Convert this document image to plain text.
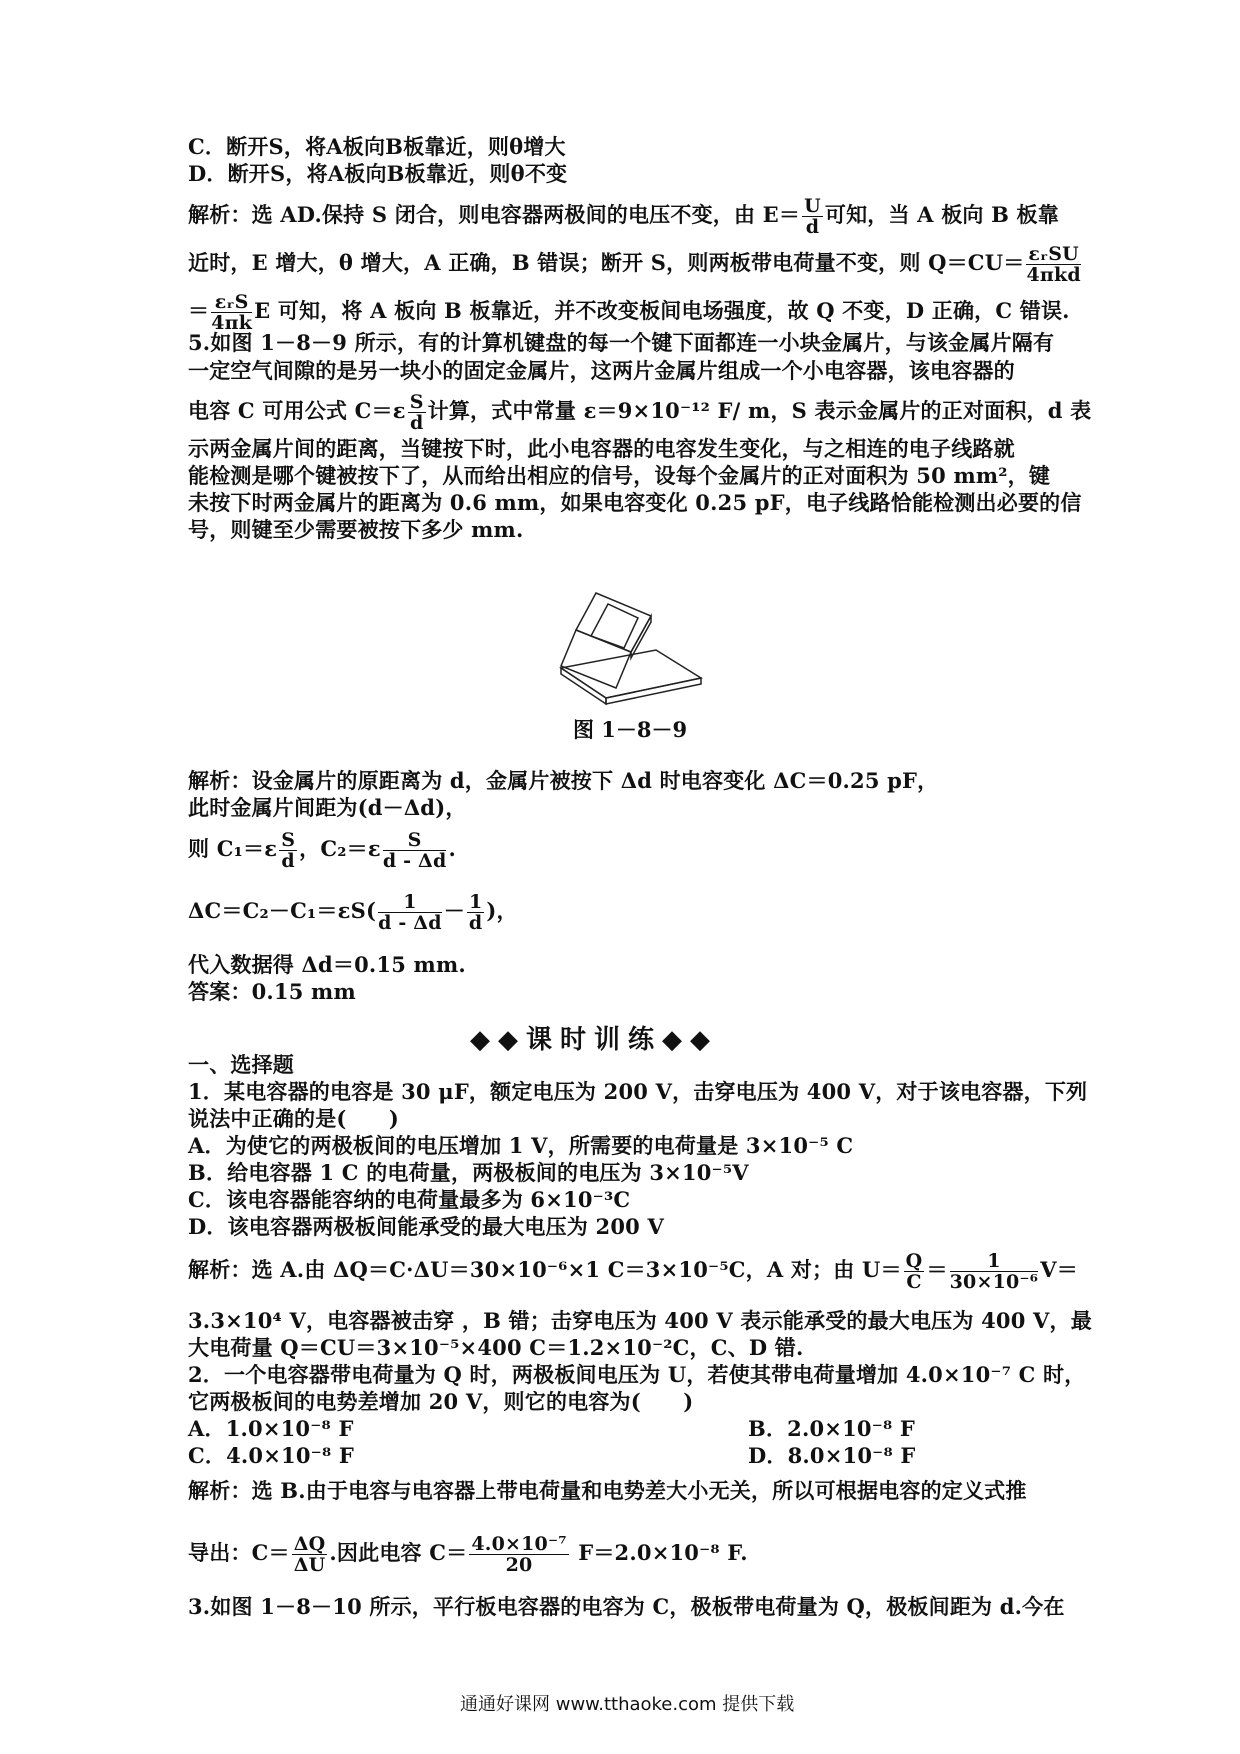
C．断开S，将A板向B板靠近，则θ增大
D．断开S，将A板向B板靠近，则θ不变
解析：选 AD.保持 S 闭合，则电容器两极间的电压不变，由 $E= \frac{U}{d}$ 可知，当 A 板向 B 板靠
近时，E 增大，θ 增大，A 正确，B 错误；断开 S，则两板带电荷量不变，则 $Q=CU= \frac{\text{εᵣSU}}{\text{4πkd}}$
＝ $\frac{\text{εᵣS}}{4\pi k}$ E 可知，将 A 板向 B 板靠近，并不改变板间电场强度，故 Q 不变，D 正确，C 错误.
5.如图 1－8－9 所示，有的计算机键盘的每一个键下面都连一小块金属片，与该金属片隔有
一定空气间隙的是另一块小的固定金属片，这两片金属片组成一个小电容器，该电容器的
电容 C 可用公式 $C=\varepsilon \frac{S}{d}$ 计算，式中常量 ε＝9×10⁻¹² F/ m，S 表示金属片的正对面积，d 表
示两金属片间的距离，当键按下时，此小电容器的电容发生变化，与之相连的电子线路就
能检测是哪个键被按下了，从而给出相应的信号，设每个金属片的正对面积为 50 mm²，键
未按下时两金属片的距离为 0.6 mm，如果电容变化 0.25 pF，电子线路恰能检测出必要的信
号，则键至少需要被按下多少 mm.
图 1－8－9
解析：设金属片的原距离为 d，金属片被按下 Δd 时电容变化 ΔC＝0.25 pF，
此时金属片间距为(d－Δd)，
则 $C_1=\varepsilon \frac{S}{d}$ ，$C_2=\varepsilon \frac{S}{d - \Delta d}$ .
$\Delta C=C_2-C_1=\varepsilon S( \frac{1}{d - \Delta d} - \frac{1}{d}$ )，
代入数据得 Δd＝0.15 mm.
答案：0.15 mm
◆◆课时训练◆◆
一、选择题
1．某电容器的电容是 30 μF，额定电压为 200 V，击穿电压为 400 V，对于该电容器，下列
说法中正确的是(　　)
A．为使它的两极板间的电压增加 1 V，所需要的电荷量是 3×10⁻⁵ C
B．给电容器 1 C 的电荷量，两极板间的电压为 3×10⁻⁵V
C．该电容器能容纳的电荷量最多为 6×10⁻³C
D．该电容器两极板间能承受的最大电压为 200 V
解析：选 A.由 ΔQ＝C·ΔU＝30×10⁻⁶×1 C＝3×10⁻⁵C，A 对；由 $U= \frac{Q}{C} = \frac{1}{\text{30×10⁻⁶}} V=$
3.3×10⁴ V，电容器被击穿 ，B 错；击穿电压为 400 V 表示能承受的最大电压为 400 V，最
大电荷量 Q＝CU＝3×10⁻⁵×400 C＝1.2×10⁻²C，C、D 错.
2．一个电容器带电荷量为 Q 时，两极板间电压为 U，若使其带电荷量增加 4.0×10⁻⁷ C 时，
它两极板间的电势差增加 20 V，则它的电容为(　　)
A．1.0×10⁻⁸ F	B．2.0×10⁻⁸ F
C．4.0×10⁻⁸ F	D．8.0×10⁻⁸ F
解析：选 B.由于电容与电容器上带电荷量和电势差大小无关，所以可根据电容的定义式推
导出：$C= \frac{\Delta Q}{\Delta U}$ .因此电容 $C= \frac{\text{4.0×10⁻⁷}}{20} F=2.0\times 10^{-8}$ F.
3.如图 1－8－10 所示，平行板电容器的电容为 C，极板带电荷量为 Q，极板间距为 d.今在
通通好课网 www.tthaoke.com 提供下载
